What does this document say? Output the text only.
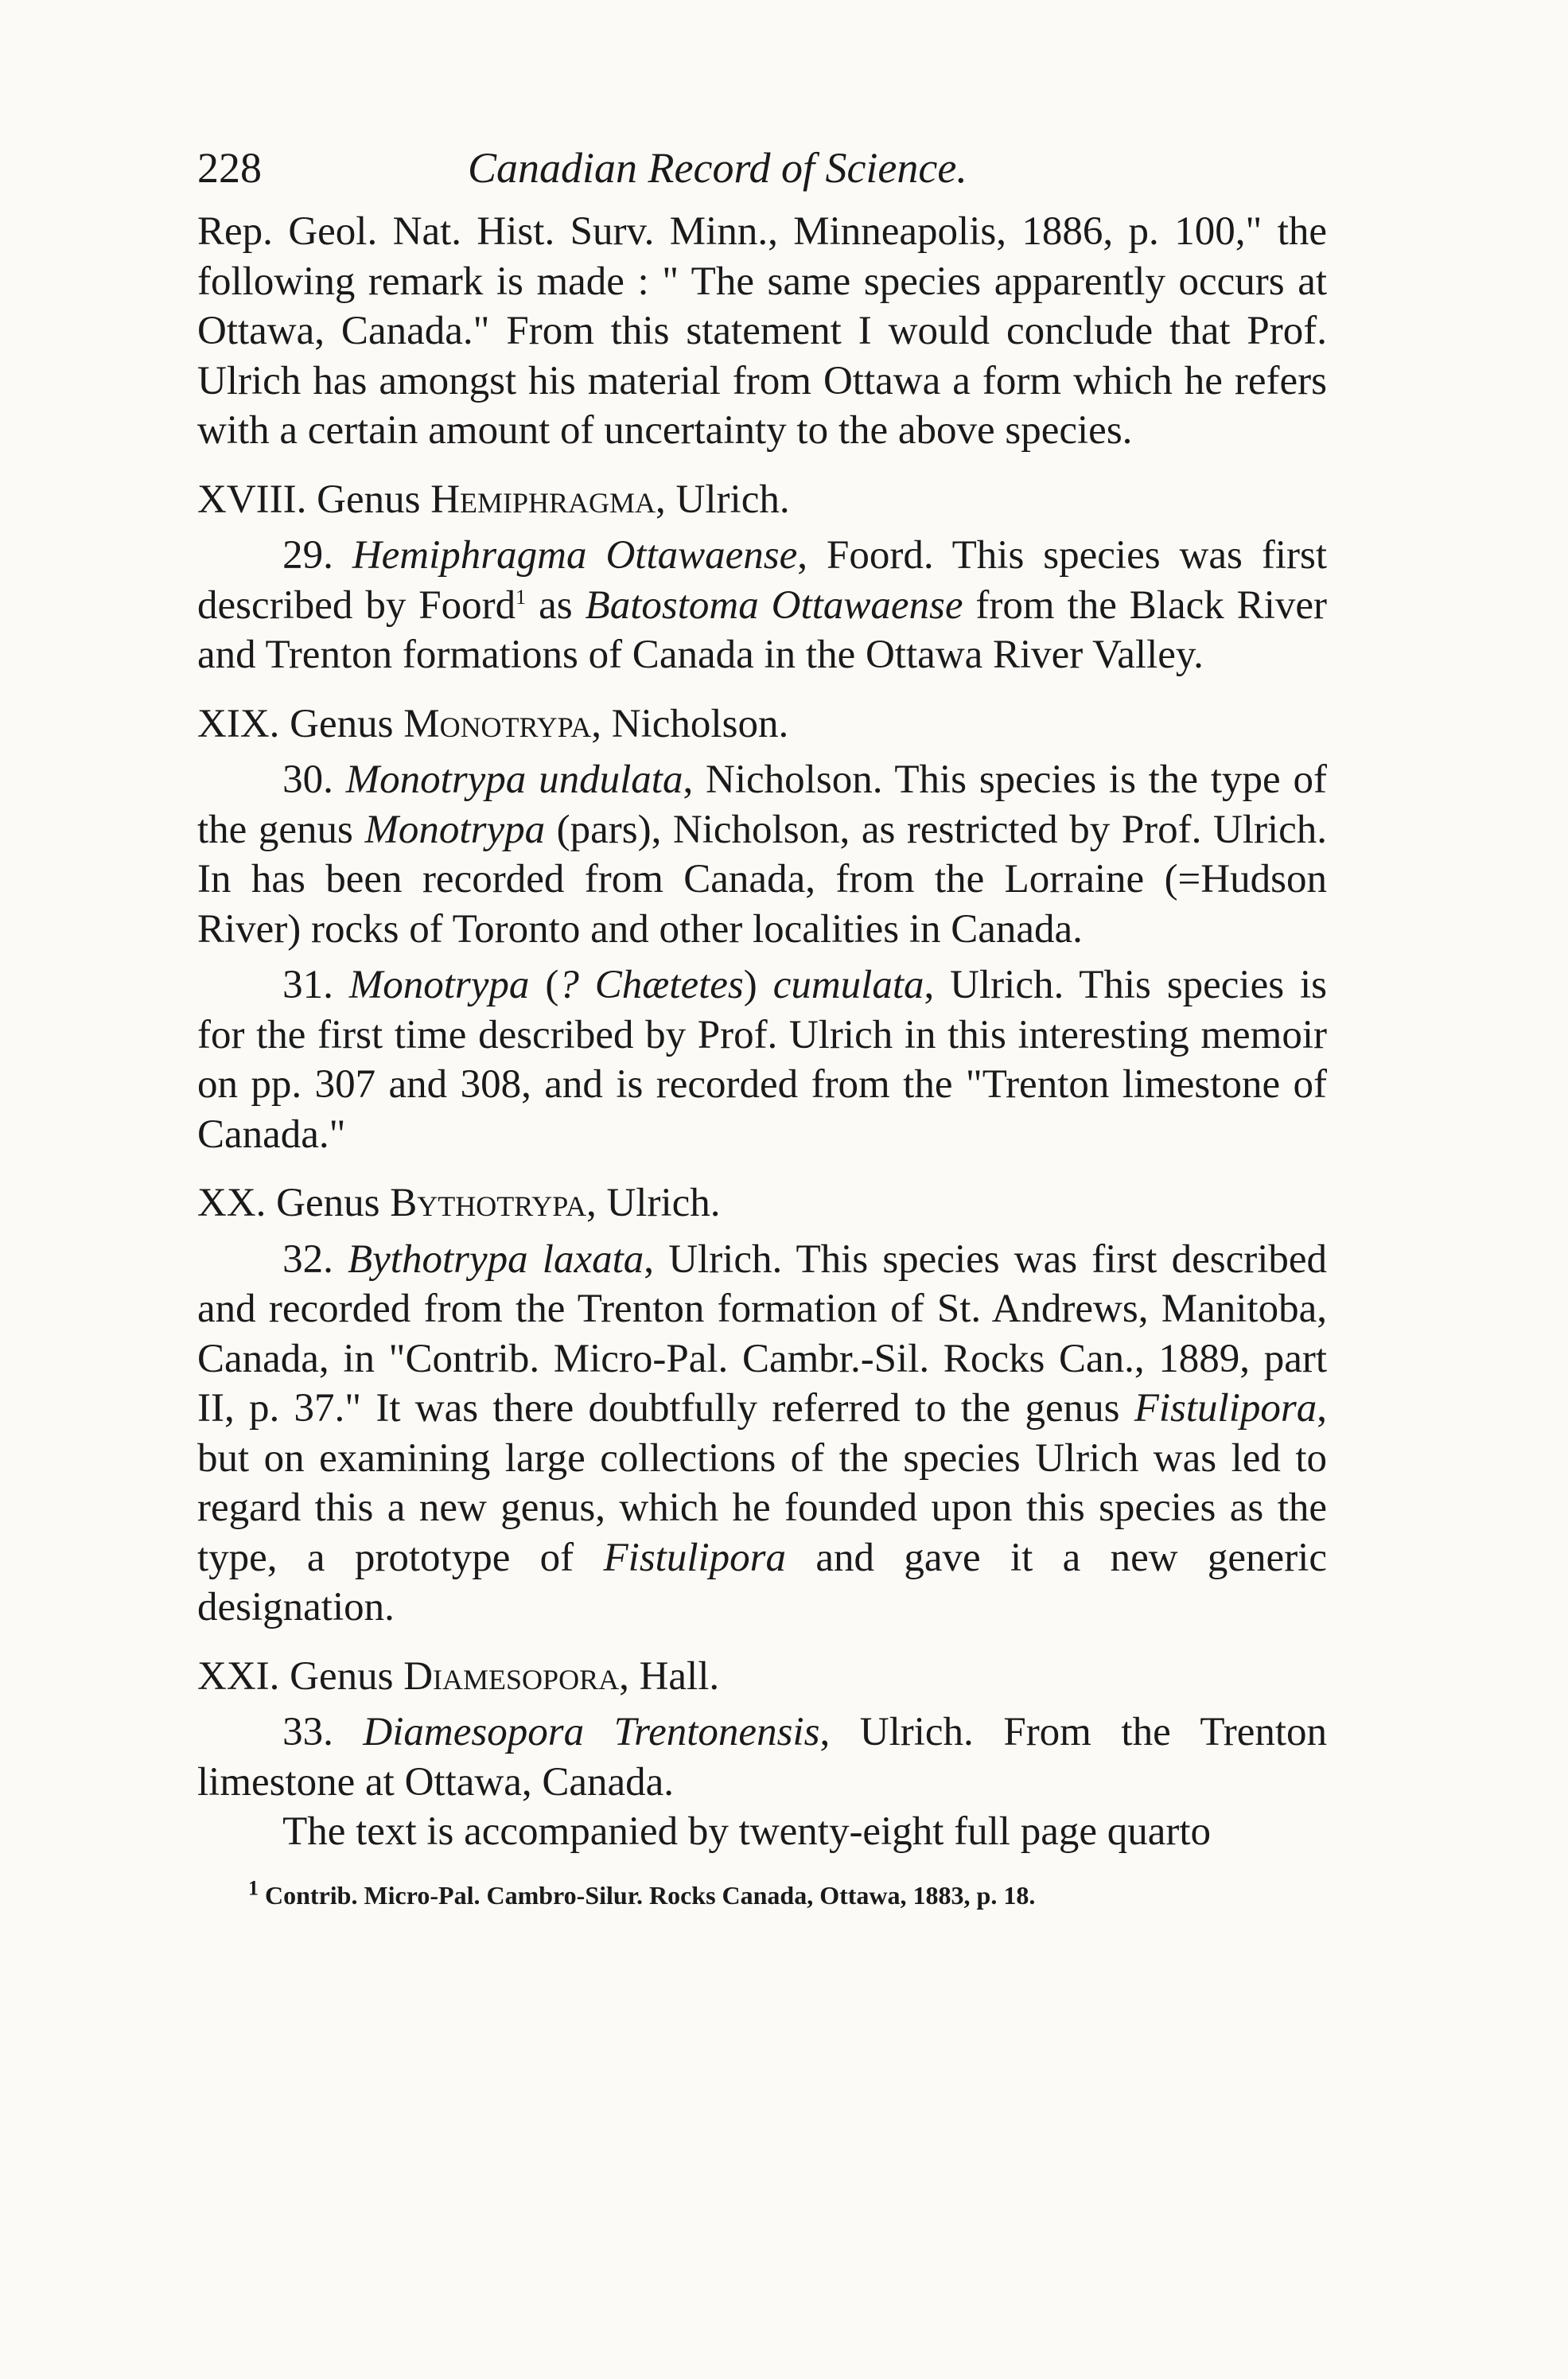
228	Canadian Record of Science.

Rep. Geol. Nat. Hist. Surv. Minn., Minneapolis, 1886, p. 100," the following remark is made : " The same species apparently occurs at Ottawa, Canada." From this statement I would conclude that Prof. Ulrich has amongst his material from Ottawa a form which he refers with a certain amount of uncertainty to the above species.

XVIII. Genus Hemiphragma, Ulrich.

29. Hemiphragma Ottawaense, Foord. This species was first described by Foord$^1$ as Batostoma Ottawaense from the Black River and Trenton formations of Canada in the Ottawa River Valley.

XIX. Genus Monotrypa, Nicholson.

30. Monotrypa undulata, Nicholson. This species is the type of the genus Monotrypa (pars), Nicholson, as restricted by Prof. Ulrich. In has been recorded from Canada, from the Lorraine (=Hudson River) rocks of Toronto and other localities in Canada.

31. Monotrypa (? Chætetes) cumulata, Ulrich. This species is for the first time described by Prof. Ulrich in this interesting memoir on pp. 307 and 308, and is recorded from the "Trenton limestone of Canada."

XX. Genus Bythotrypa, Ulrich.

32. Bythotrypa laxata, Ulrich. This species was first described and recorded from the Trenton formation of St. Andrews, Manitoba, Canada, in "Contrib. Micro-Pal. Cambr.-Sil. Rocks Can., 1889, part II, p. 37." It was there doubtfully referred to the genus Fistulipora, but on examining large collections of the species Ulrich was led to regard this a new genus, which he founded upon this species as the type, a prototype of Fistulipora and gave it a new generic designation.

XXI. Genus Diamesopora, Hall.

33. Diamesopora Trentonensis, Ulrich. From the Trenton limestone at Ottawa, Canada.

The text is accompanied by twenty-eight full page quarto

$^1$ Contrib. Micro-Pal. Cambro-Silur. Rocks Canada, Ottawa, 1883, p. 18.
